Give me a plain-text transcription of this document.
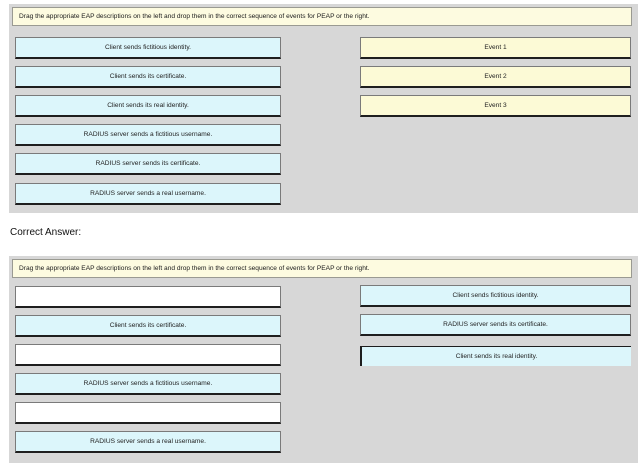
Drag the appropriate EAP descriptions on the left and drop them in the correct sequence of events for PEAP or the right.
Client sends fictitious identity.
Client sends its certificate.
Client sends its real identity.
RADIUS server sends a fictitious username.
RADIUS server sends its certificate.
RADIUS server sends a real username.
Event 1
Event 2
Event 3
Correct Answer:
Drag the appropriate EAP descriptions on the left and drop them in the correct sequence of events for PEAP or the right.
Client sends its certificate.
RADIUS server sends a fictitious username.
RADIUS server sends a real username.
Client sends fictitious identity.
RADIUS server sends its certificate.
Client sends its real identity.
